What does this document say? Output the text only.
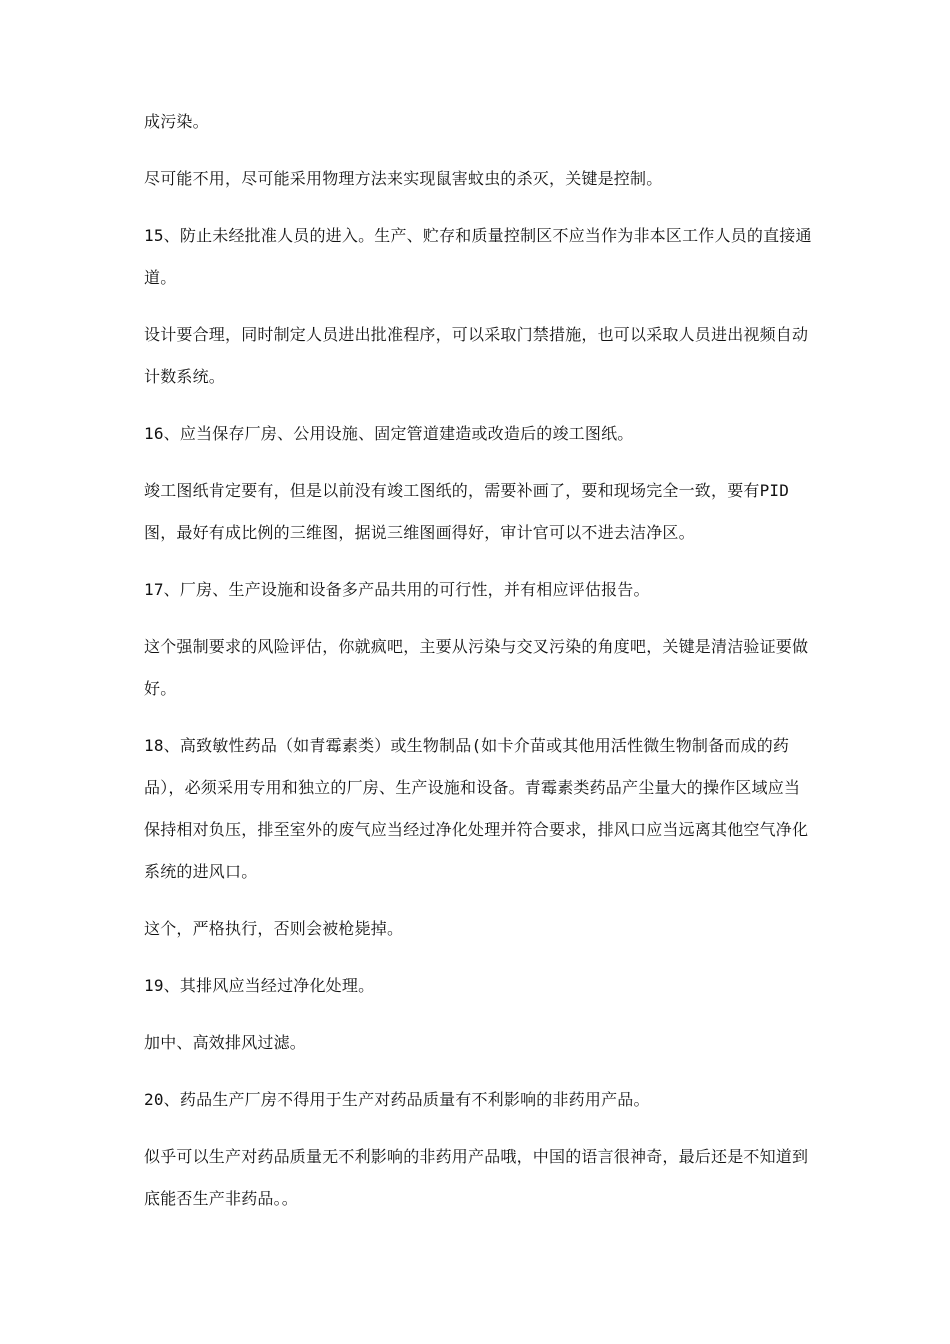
成污染。

尽可能不用，尽可能采用物理方法来实现鼠害蚊虫的杀灭，关键是控制。

15、防止未经批准人员的进入。生产、贮存和质量控制区不应当作为非本区工作人员的直接通道。

设计要合理，同时制定人员进出批准程序，可以采取门禁措施，也可以采取人员进出视频自动计数系统。

16、应当保存厂房、公用设施、固定管道建造或改造后的竣工图纸。

竣工图纸肯定要有，但是以前没有竣工图纸的，需要补画了，要和现场完全一致，要有PID图，最好有成比例的三维图，据说三维图画得好，审计官可以不进去洁净区。

17、厂房、生产设施和设备多产品共用的可行性，并有相应评估报告。

这个强制要求的风险评估，你就疯吧，主要从污染与交叉污染的角度吧，关键是清洁验证要做好。

18、高致敏性药品（如青霉素类）或生物制品(如卡介苗或其他用活性微生物制备而成的药品），必须采用专用和独立的厂房、生产设施和设备。青霉素类药品产尘量大的操作区域应当保持相对负压，排至室外的废气应当经过净化处理并符合要求，排风口应当远离其他空气净化系统的进风口。

这个，严格执行，否则会被枪毙掉。

19、其排风应当经过净化处理。

加中、高效排风过滤。

20、药品生产厂房不得用于生产对药品质量有不利影响的非药用产品。

似乎可以生产对药品质量无不利影响的非药用产品哦，中国的语言很神奇，最后还是不知道到底能否生产非药品。。
